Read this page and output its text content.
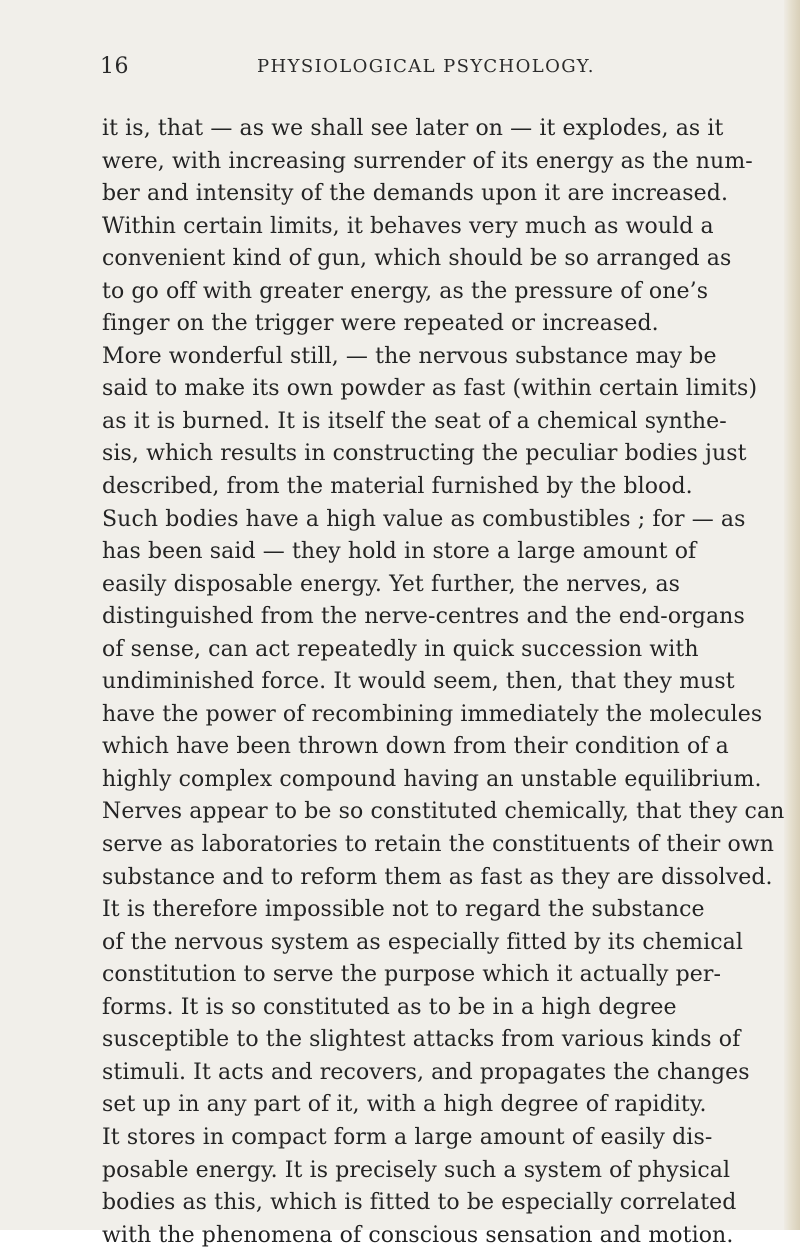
16	PHYSIOLOGICAL PSYCHOLOGY.
it is, that — as we shall see later on — it explodes, as it
were, with increasing surrender of its energy as the num-
ber and intensity of the demands upon it are increased.
Within certain limits, it behaves very much as would a
convenient kind of gun, which should be so arranged as
to go off with greater energy, as the pressure of one’s
finger on the trigger were repeated or increased.
More wonderful still, — the nervous substance may be
said to make its own powder as fast (within certain limits)
as it is burned. It is itself the seat of a chemical synthe-
sis, which results in constructing the peculiar bodies just
described, from the material furnished by the blood.
Such bodies have a high value as combustibles ; for — as
has been said — they hold in store a large amount of
easily disposable energy. Yet further, the nerves, as
distinguished from the nerve-centres and the end-organs
of sense, can act repeatedly in quick succession with
undiminished force. It would seem, then, that they must
have the power of recombining immediately the molecules
which have been thrown down from their condition of a
highly complex compound having an unstable equilibrium.
Nerves appear to be so constituted chemically, that they can
serve as laboratories to retain the constituents of their own
substance and to reform them as fast as they are dissolved.
It is therefore impossible not to regard the substance
of the nervous system as especially fitted by its chemical
constitution to serve the purpose which it actually per-
forms. It is so constituted as to be in a high degree
susceptible to the slightest attacks from various kinds of
stimuli. It acts and recovers, and propagates the changes
set up in any part of it, with a high degree of rapidity.
It stores in compact form a large amount of easily dis-
posable energy. It is precisely such a system of physical
bodies as this, which is fitted to be especially correlated
with the phenomena of conscious sensation and motion.
